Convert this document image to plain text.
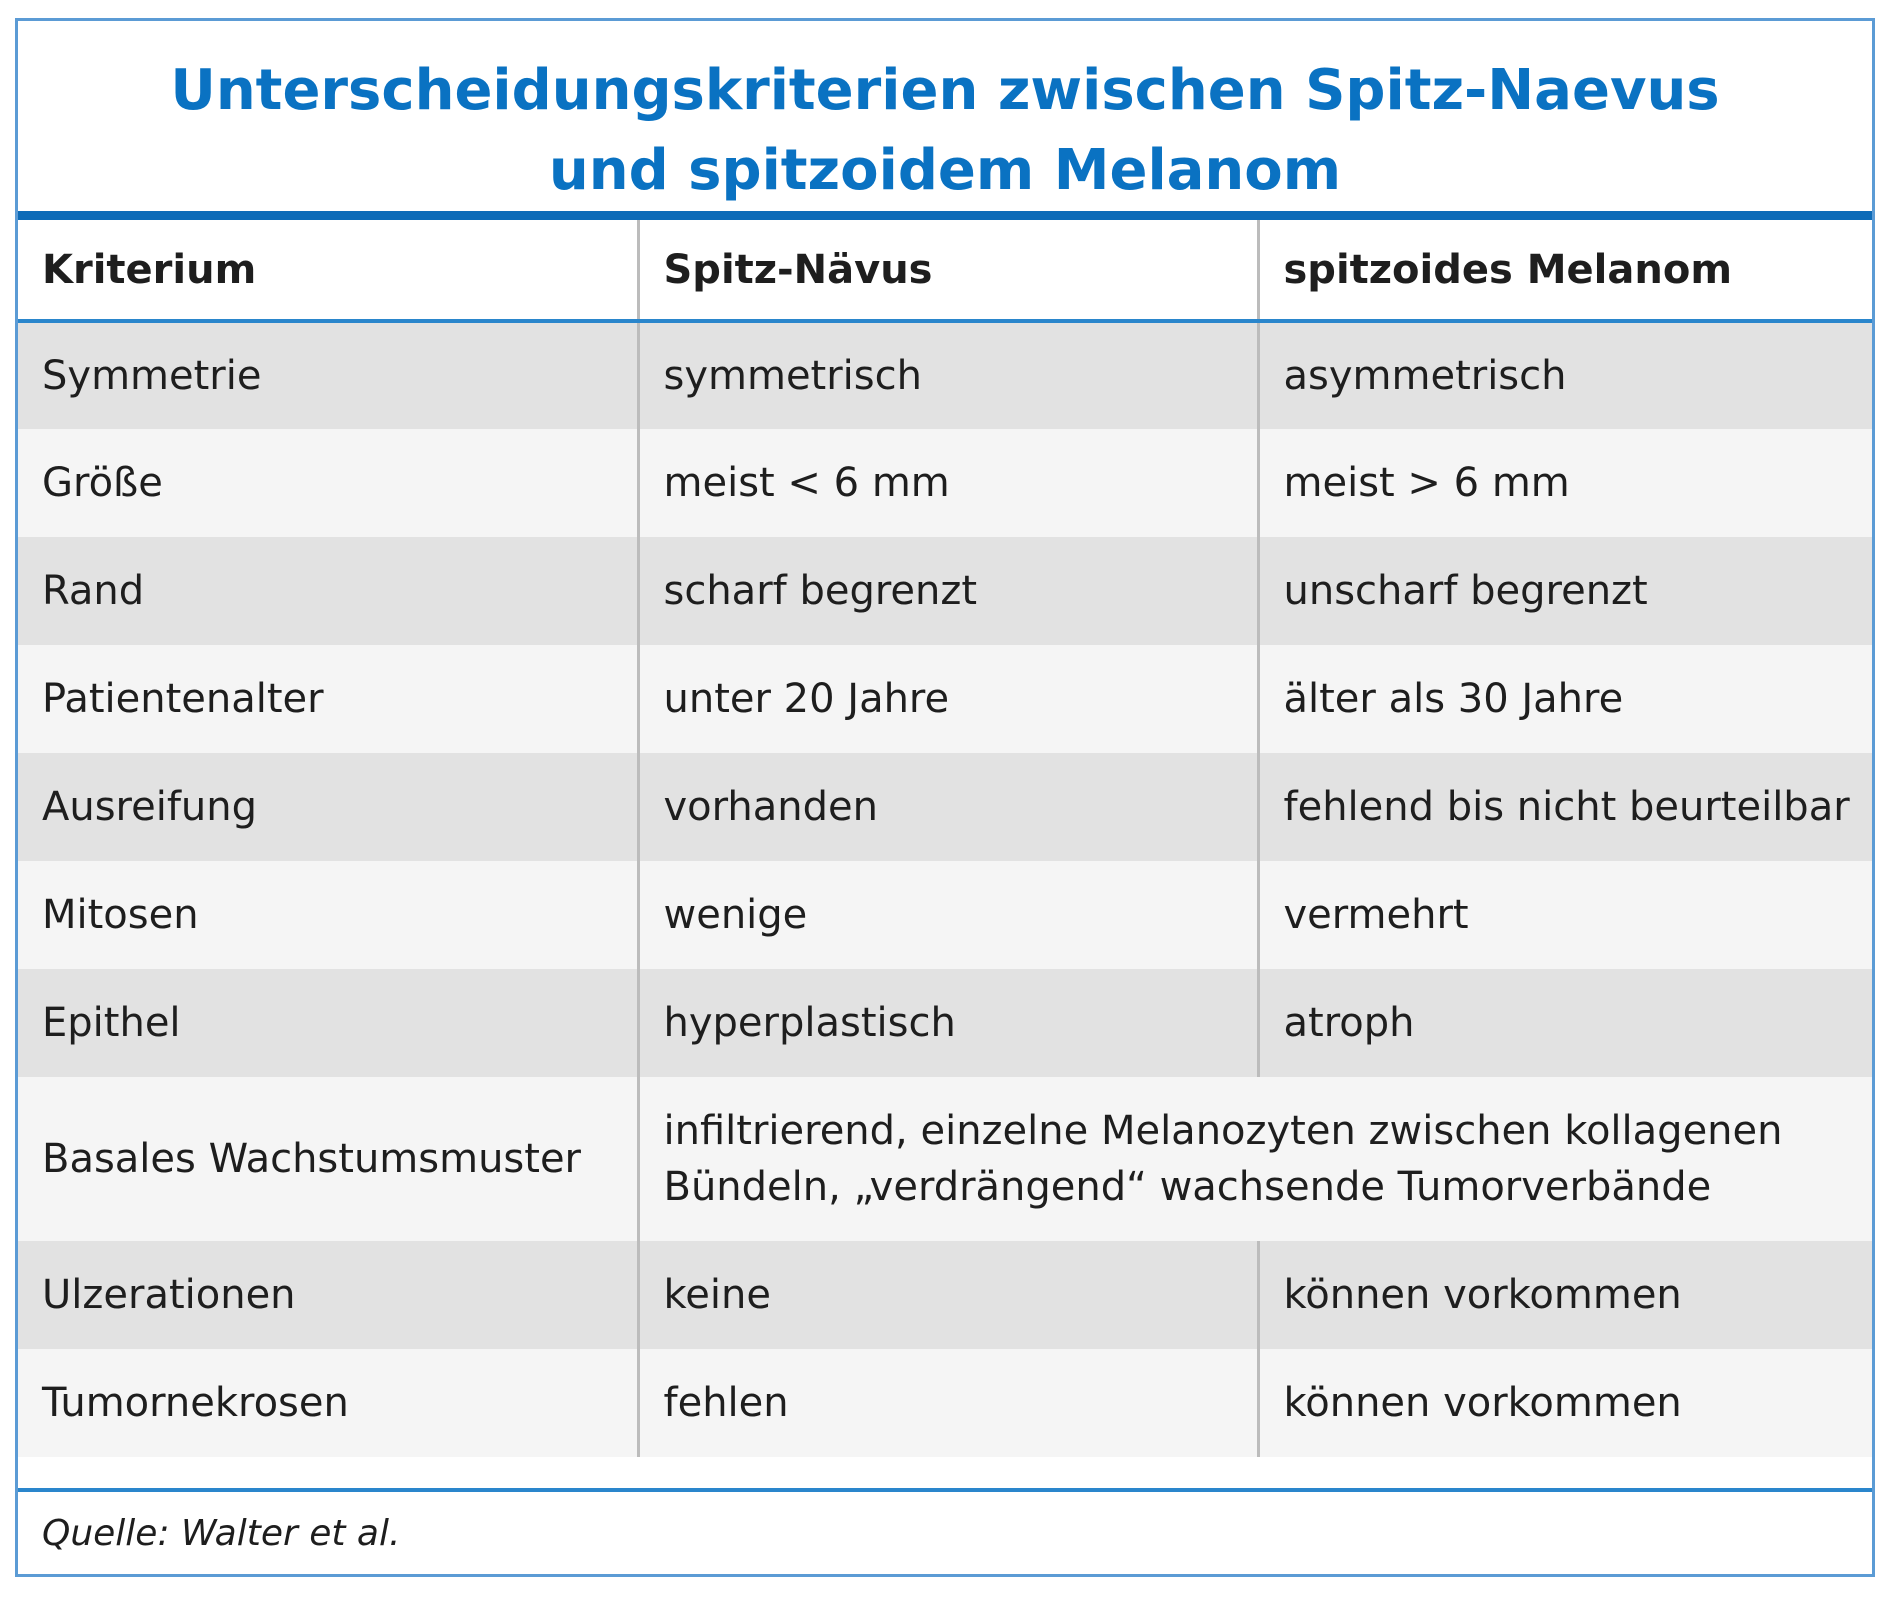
Unterscheidungskriterien zwischen Spitz-Naevus
und spitzoidem Melanom
Kriterium	Spitz-Nävus	spitzoides Melanom
Symmetrie	symmetrisch	asymmetrisch
Größe	meist < 6 mm	meist > 6 mm
Rand	scharf begrenzt	unscharf begrenzt
Patientenalter	unter 20 Jahre	älter als 30 Jahre
Ausreifung	vorhanden	fehlend bis nicht beurteilbar
Mitosen	wenige	vermehrt
Epithel	hyperplastisch	atroph
Basales Wachstumsmuster	infiltrierend, einzelne Melanozyten zwischen kollagenen Bündeln, „verdrängend“ wachsende Tumorverbände	
Ulzerationen	keine	können vorkommen
Tumornekrosen	fehlen	können vorkommen
Quelle: Walter et al.
